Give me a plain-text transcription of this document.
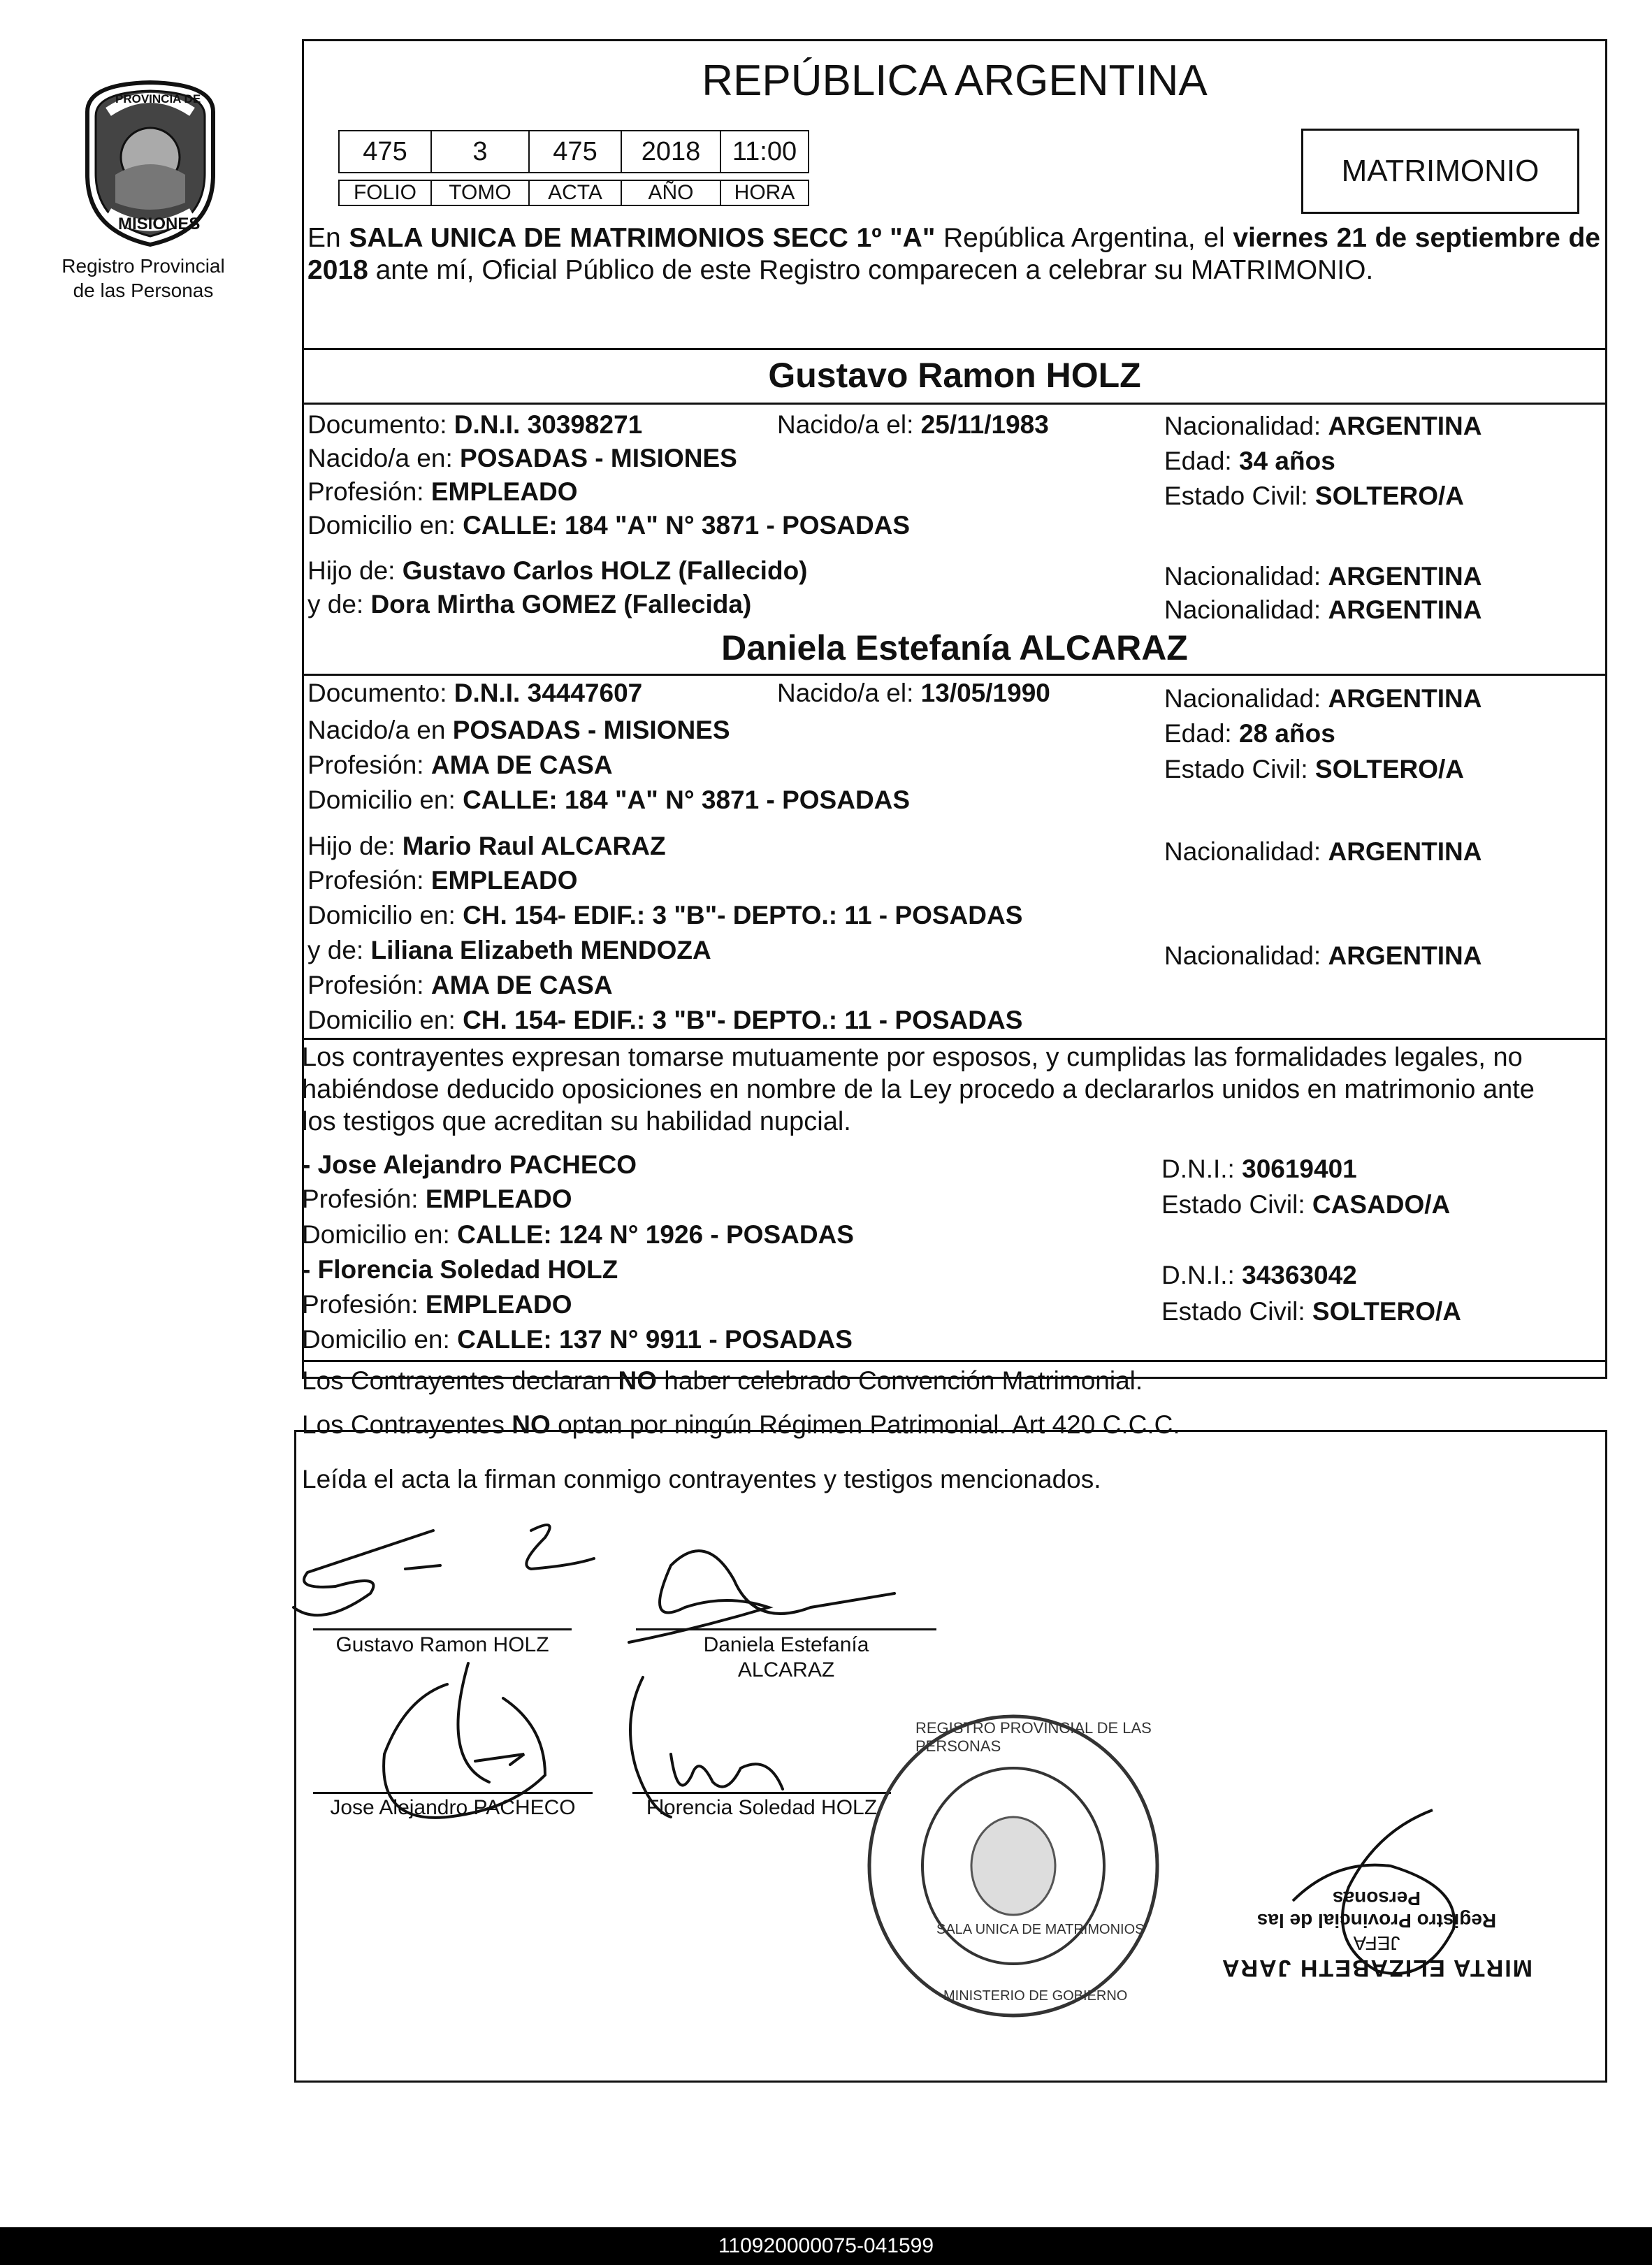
PROVINCIA DE
MISIONES
Registro Provincial
de las Personas
REPÚBLICA ARGENTINA
475	3	475	2018	11:00
FOLIO	TOMO	ACTA	AÑO	HORA
MATRIMONIO
En SALA UNICA DE MATRIMONIOS SECC 1º "A" República Argentina, el viernes 21 de septiembre de 2018 ante mí, Oficial Público de este Registro comparecen a celebrar su MATRIMONIO.
Gustavo Ramon HOLZ
Documento: D.N.I. 30398271	Nacido/a el: 25/11/1983	Nacionalidad: ARGENTINA
Nacido/a en: POSADAS - MISIONES	Edad: 34 años
Profesión: EMPLEADO	Estado Civil: SOLTERO/A
Domicilio en: CALLE: 184 "A" N° 3871 - POSADAS
Hijo de: Gustavo Carlos HOLZ (Fallecido)	Nacionalidad: ARGENTINA
y de: Dora Mirtha GOMEZ (Fallecida)	Nacionalidad: ARGENTINA
Daniela Estefanía ALCARAZ
Documento: D.N.I. 34447607	Nacido/a el: 13/05/1990	Nacionalidad: ARGENTINA
Nacido/a en POSADAS - MISIONES	Edad: 28 años
Profesión: AMA DE CASA	Estado Civil: SOLTERO/A
Domicilio en: CALLE: 184 "A" N° 3871 - POSADAS
Hijo de: Mario Raul ALCARAZ	Nacionalidad: ARGENTINA
Profesión: EMPLEADO
Domicilio en: CH. 154- EDIF.: 3 "B"- DEPTO.: 11 - POSADAS
y de: Liliana Elizabeth MENDOZA	Nacionalidad: ARGENTINA
Profesión: AMA DE CASA
Domicilio en: CH. 154- EDIF.: 3 "B"- DEPTO.: 11 - POSADAS
Los contrayentes expresan tomarse mutuamente por esposos, y cumplidas las formalidades legales, no
habiéndose deducido oposiciones en nombre de la Ley procedo a declararlos unidos en matrimonio ante
los testigos que acreditan su habilidad nupcial.
- Jose Alejandro PACHECO	D.N.I.: 30619401
Profesión: EMPLEADO	Estado Civil: CASADO/A
Domicilio en: CALLE: 124 N° 1926 - POSADAS
- Florencia Soledad HOLZ	D.N.I.: 34363042
Profesión: EMPLEADO	Estado Civil: SOLTERO/A
Domicilio en: CALLE: 137 N° 9911 - POSADAS
Los Contrayentes declaran NO haber celebrado Convención Matrimonial.
Los Contrayentes NO optan por ningún Régimen Patrimonial. Art 420 C.C.C.
Leída el acta la firman conmigo contrayentes y testigos mencionados.
Gustavo Ramon HOLZ	Daniela Estefanía
ALCARAZ
Jose Alejandro PACHECO	Florencia Soledad HOLZ
REGISTRO PROVINCIAL DE LAS PERSONAS
SALA UNICA DE MATRIMONIOS
MINISTERIO DE GOBIERNO
MIRTA ELIZABETH JARA
JEFA
Registro Provincial de las Personas
110920000075-041599
